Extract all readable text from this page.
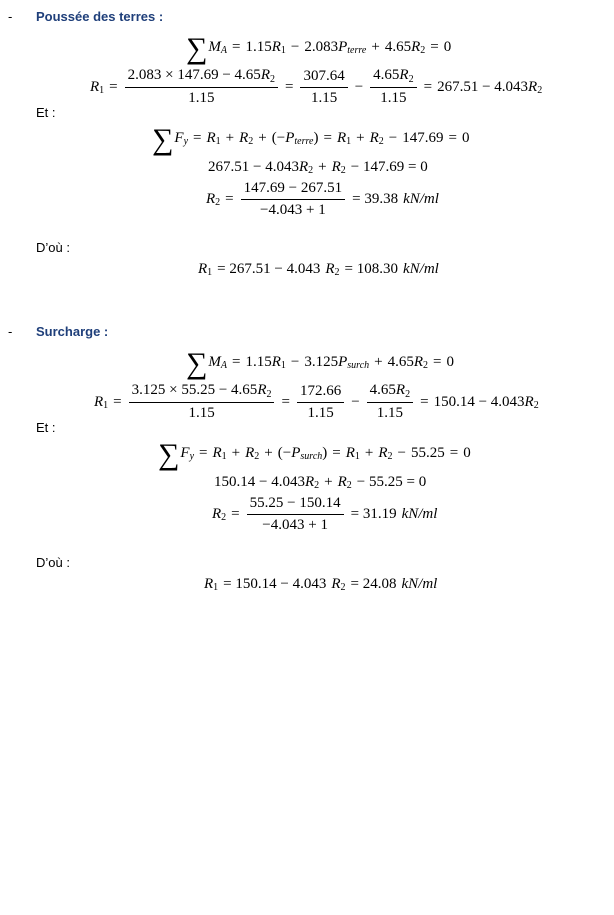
- Poussée des terres :
∑ M A = 1.15 R 1 − 2.083 P terre + 4.65 R 2 = 0
R $1 = \frac{2.083 \times 147.69 - 4.65R_2}{1.15} = \frac{307.64}{1.15} - \frac{4.65R_2}{1.15} = 267.51 - 4.043$ R 2
Et :
∑ F y = R 1 + R 2 + (− P terre ) = R 1 + R 2 − 147.69 = 0
267.51 − 4.043 R 2 + R 2 − 147.69 = 0
R $2 = \frac{147.69 - 267.51}{-4.043 + 1} = 39.38$ kN/ml
D’où :
R 1 = 267.51 − 4.043 R 2 = 108.30 kN/ml
- Surcharge :
∑ M A = 1.15 R 1 − 3.125 P surch + 4.65 R 2 = 0
R $1 = \frac{3.125 \times 55.25 - 4.65R_2}{1.15} = \frac{172.66}{1.15} - \frac{4.65R_2}{1.15} = 150.14 - 4.043$ R 2
Et :
∑ F y = R 1 + R 2 + (− P surch ) = R 1 + R 2 − 55.25 = 0
150.14 − 4.043 R 2 + R 2 − 55.25 = 0
R $2 = \frac{55.25 - 150.14}{-4.043 + 1} = 31.19$ kN/ml
D’où :
R 1 = 150.14 − 4.043 R 2 = 24.08 kN/ml
